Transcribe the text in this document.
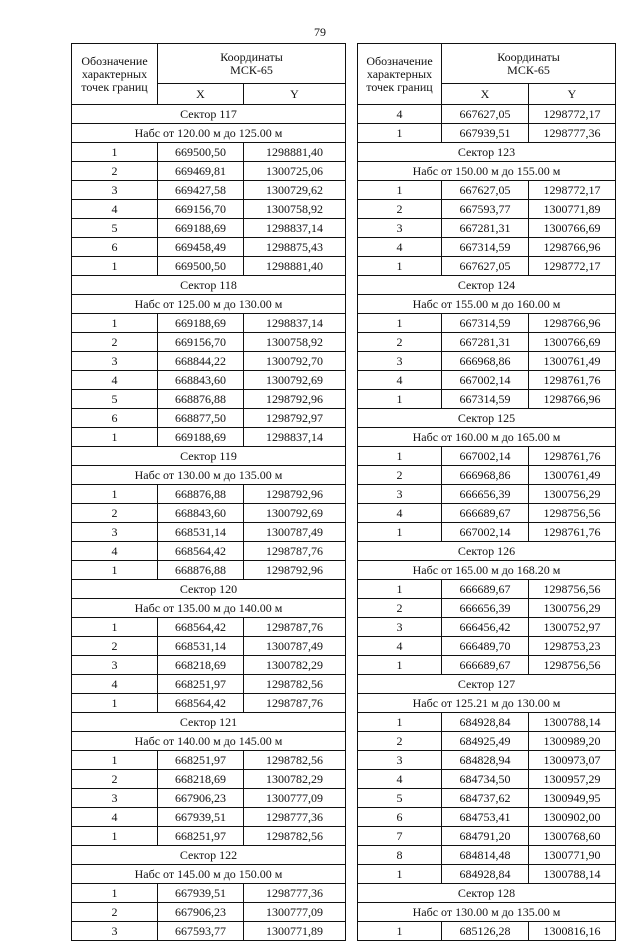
79
Обозначение характерных точек границ	Координаты МСК-65	
	X	Y
Сектор 117		
Набс от 120.00 м до 125.00 м		
1	669500,50	1298881,40
2	669469,81	1300725,06
3	669427,58	1300729,62
4	669156,70	1300758,92
5	669188,69	1298837,14
6	669458,49	1298875,43
1	669500,50	1298881,40
Сектор 118		
Набс от 125.00 м до 130.00 м		
1	669188,69	1298837,14
2	669156,70	1300758,92
3	668844,22	1300792,70
4	668843,60	1300792,69
5	668876,88	1298792,96
6	668877,50	1298792,97
1	669188,69	1298837,14
Сектор 119		
Набс от 130.00 м до 135.00 м		
1	668876,88	1298792,96
2	668843,60	1300792,69
3	668531,14	1300787,49
4	668564,42	1298787,76
1	668876,88	1298792,96
Сектор 120		
Набс от 135.00 м до 140.00 м		
1	668564,42	1298787,76
2	668531,14	1300787,49
3	668218,69	1300782,29
4	668251,97	1298782,56
1	668564,42	1298787,76
Сектор 121		
Набс от 140.00 м до 145.00 м		
1	668251,97	1298782,56
2	668218,69	1300782,29
3	667906,23	1300777,09
4	667939,51	1298777,36
1	668251,97	1298782,56
Сектор 122		
Набс от 145.00 м до 150.00 м		
1	667939,51	1298777,36
2	667906,23	1300777,09
3	667593,77	1300771,89
Обозначение характерных точек границ	Координаты МСК-65	
	X	Y
4	667627,05	1298772,17
1	667939,51	1298777,36
Сектор 123		
Набс от 150.00 м до 155.00 м		
1	667627,05	1298772,17
2	667593,77	1300771,89
3	667281,31	1300766,69
4	667314,59	1298766,96
1	667627,05	1298772,17
Сектор 124		
Набс от 155.00 м до 160.00 м		
1	667314,59	1298766,96
2	667281,31	1300766,69
3	666968,86	1300761,49
4	667002,14	1298761,76
1	667314,59	1298766,96
Сектор 125		
Набс от 160.00 м до 165.00 м		
1	667002,14	1298761,76
2	666968,86	1300761,49
3	666656,39	1300756,29
4	666689,67	1298756,56
1	667002,14	1298761,76
Сектор 126		
Набс от 165.00 м до 168.20 м		
1	666689,67	1298756,56
2	666656,39	1300756,29
3	666456,42	1300752,97
4	666489,70	1298753,23
1	666689,67	1298756,56
Сектор 127		
Набс от 125.21 м до 130.00 м		
1	684928,84	1300788,14
2	684925,49	1300989,20
3	684828,94	1300973,07
4	684734,50	1300957,29
5	684737,62	1300949,95
6	684753,41	1300902,00
7	684791,20	1300768,60
8	684814,48	1300771,90
1	684928,84	1300788,14
Сектор 128		
Набс от 130.00 м до 135.00 м		
1	685126,28	1300816,16
